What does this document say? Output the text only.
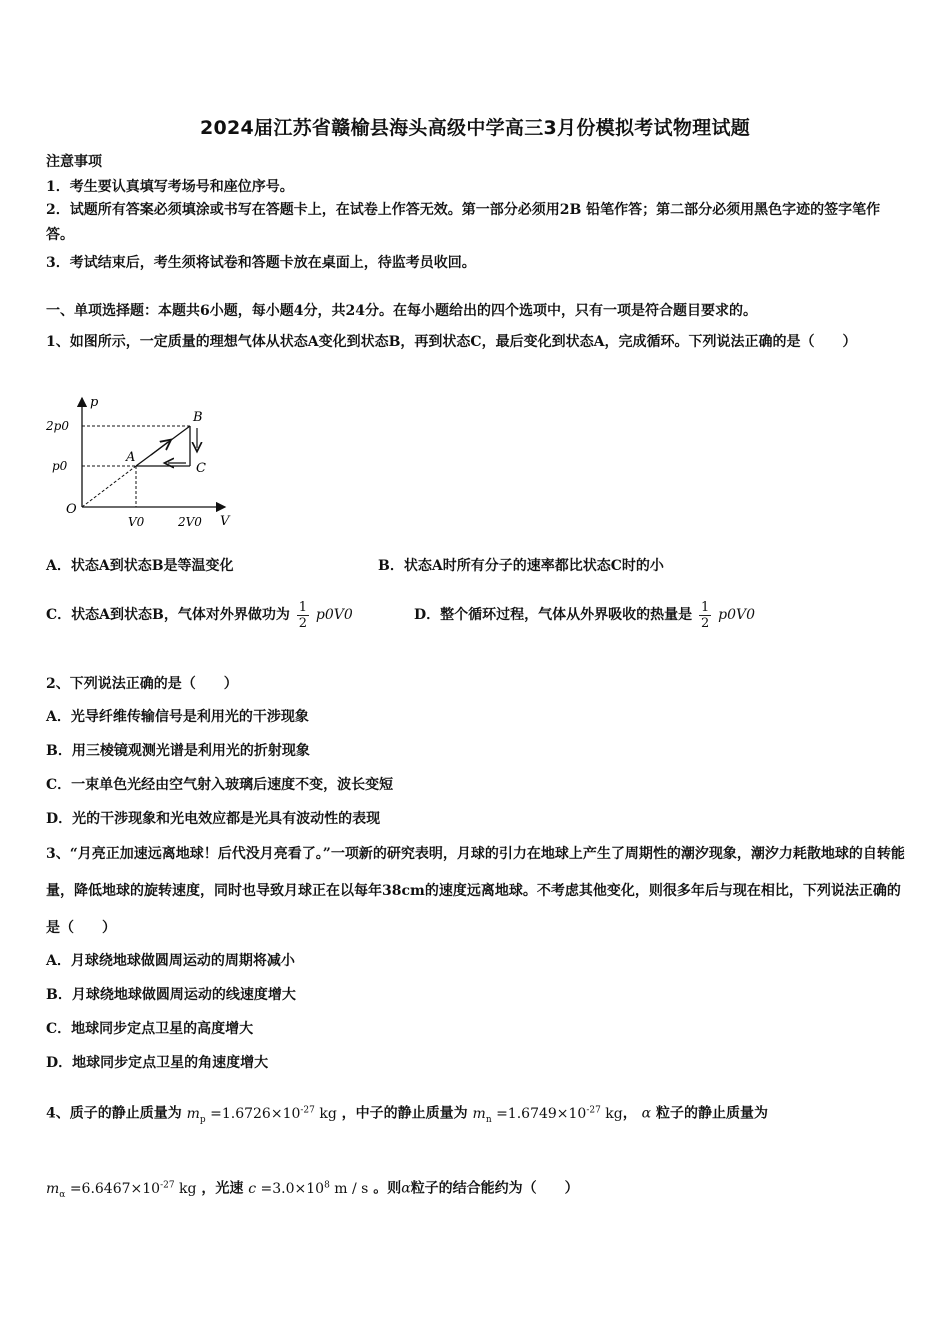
2024届江苏省赣榆县海头高级中学高三3月份模拟考试物理试题
注意事项
1．考生要认真填写考场号和座位序号。
2．试题所有答案必须填涂或书写在答题卡上，在试卷上作答无效。第一部分必须用2B 铅笔作答；第二部分必须用黑色字迹的签字笔作答。
3．考试结束后，考生须将试卷和答题卡放在桌面上，待监考员收回。
一、单项选择题：本题共6小题，每小题4分，共24分。在每小题给出的四个选项中，只有一项是符合题目要求的。
1、如图所示，一定质量的理想气体从状态A变化到状态B，再到状态C，最后变化到状态A，完成循环。下列说法正确的是（　　）
p
V
O
2p0
p0
V0	2V0
A
B
C
A．状态A到状态B是等温变化	B．状态A时所有分子的速率都比状态C时的小
C．状态A到状态B，气体对外界做功为 $\frac{1}{2} p0V0$	D．整个循环过程，气体从外界吸收的热量是 $\frac{1}{2} p0V0$
2、下列说法正确的是（　　）
A．光导纤维传输信号是利用光的干涉现象
B．用三棱镜观测光谱是利用光的折射现象
C．一束单色光经由空气射入玻璃后速度不变，波长变短
D．光的干涉现象和光电效应都是光具有波动性的表现
3、“月亮正加速远离地球！后代没月亮看了。”一项新的研究表明，月球的引力在地球上产生了周期性的潮汐现象，潮汐力耗散地球的自转能量，降低地球的旋转速度，同时也导致月球正在以每年38cm的速度远离地球。不考虑其他变化，则很多年后与现在相比，下列说法正确的是（　　）
A．月球绕地球做圆周运动的周期将减小
B．月球绕地球做圆周运动的线速度增大
C．地球同步定点卫星的高度增大
D．地球同步定点卫星的角速度增大
4、质子的静止质量为 $m_p =1.6726\times 10^{-27}$ kg ，中子的静止质量为 $m_n =1.6749\times 10^{-27}$ kg， α 粒子的静止质量为
$m_\alpha =6.6467\times 10^{-27}$ kg ，光速 $c =3.0\times 10^8$ m / s 。则α粒子的结合能约为（　　）
